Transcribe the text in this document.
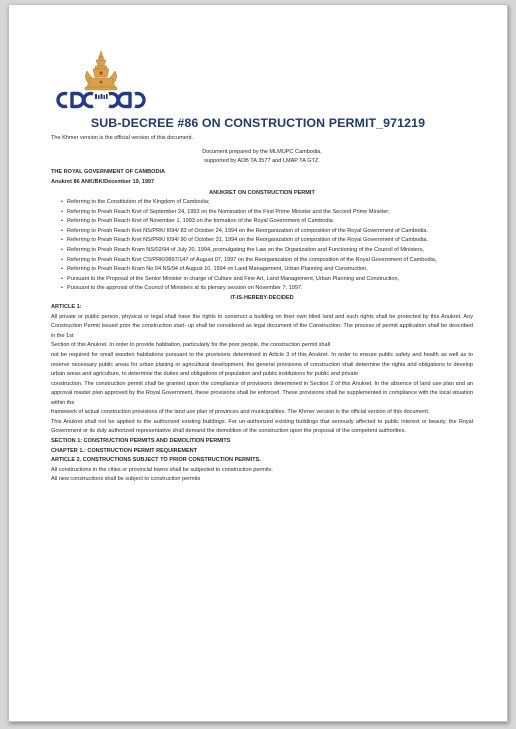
SUB-DECREE #86 ON CONSTRUCTION PERMIT_971219

The Khmer version is the official version of this document.

Document prepared by the MLMUPC Cambodia,

supported by ADB TA 3577 and LMAP TA GTZ.

THE ROYAL GOVERNMENT OF CAMBODIA

Anukret 86 ANK/BK/December 19, 1997

ANUKRET ON CONSTRUCTION PERMIT

• Referring to the Constitution of the Kingdom of Cambodia;
• Referring to Preah Reach Kret of September 24, 1993 on the Nomination of the First Prime Minister and the Second Prime Minister;
• Referring to Preah Reach Kret of November 1, 1993 on the formation of the Royal Government of Cambodia
• Referring to Preah Reach Kret NS/PRK/ l094/ 83 of October 24, 1994 on the Reorganization of composition of the Royal Government of Cambodia.
• Referring to Preah Reach Kret NS/PRK/ l094/ 90 of October 31, 1994 on the Reorganization of composition of the Royal Government of Cambodia.
• Referring to Preah Reach Kram NS/02/94 of July 20, 1994, promulgating the Law on the Organization and Functioning of the Council of Ministers,
• Referring to Preah Reach Kret CS/PRK/0897/147 of August 07, 1997 on the Reorganization of the composition of the Royal Government of Cambodia,
• Referring to Preah Reach Kram No 04 NS/94 of August 10, 1994 on Land Management, Urban Planning and Construction,
• Pursuant to the Proposal of the Senior Minister in charge of Culture and Fine Art, Land Management, Urban Planning and Construction,
• Pursuant to the approval of the Council of Ministers at its plenary session on November 7, 1997.

IT-IS-HEREBY-DECIDED

ARTICLE 1:

All private or public person, physical or legal shall have the rights to construct a building on their own titled land and such rights shall be protected by this Anukret. Any Construction Permit issued prior the construction start- up shall be considered as legal document of the Construction. The process of permit application shall be described in the 1st

Section of this Anukret. In order to provide habitation, particularly for the poor people, the construction permit shall

not be required for small wooden habitations pursuant to the provisions determined in Article 3 of this Anukret. In order to ensure public safety and health as well as to reserve necessary public areas for urban planing or agricultural development, the general provisions of construction shall determine the rights and obligations to develop urban areas and agriculture, to determine the duties and obligations of population and public institutions for public and private

construction. The construction permit shall be granted upon the compliance of provisions determined in Section 2 of this Anukret. In the absence of land use plan and an approval master plan approved by the Royal Government, these provisions shall be enforced. These provisions shall be supplemented in compliance with the local situation within the

framework of actual construction provisions of the land use plan of provinces and municipalities. The Khmer version is the official version of this document.

This Anukret shall not be applied to the authorized existing buildings. For un-authorized existing buildings that seriously affected to public interest or beauty, the Royal Government or its duly authorized representative shall demand the demolition of the construction upon the proposal of the competent authorities.

SECTION 1: CONSTRUCTION PERMITS AND DEMOLITION PERMITS

CHAPTER 1.: CONSTRUCTION PERMIT REQUIREMENT

ARTICLE 2. CONSTRUCTIONS SUBJECT TO PRIOR CONSTRUCTION PERMITS.

All constructions in the cities or provincial towns shall be subjected to construction permits.

All new constructions shall be subject to construction permits
